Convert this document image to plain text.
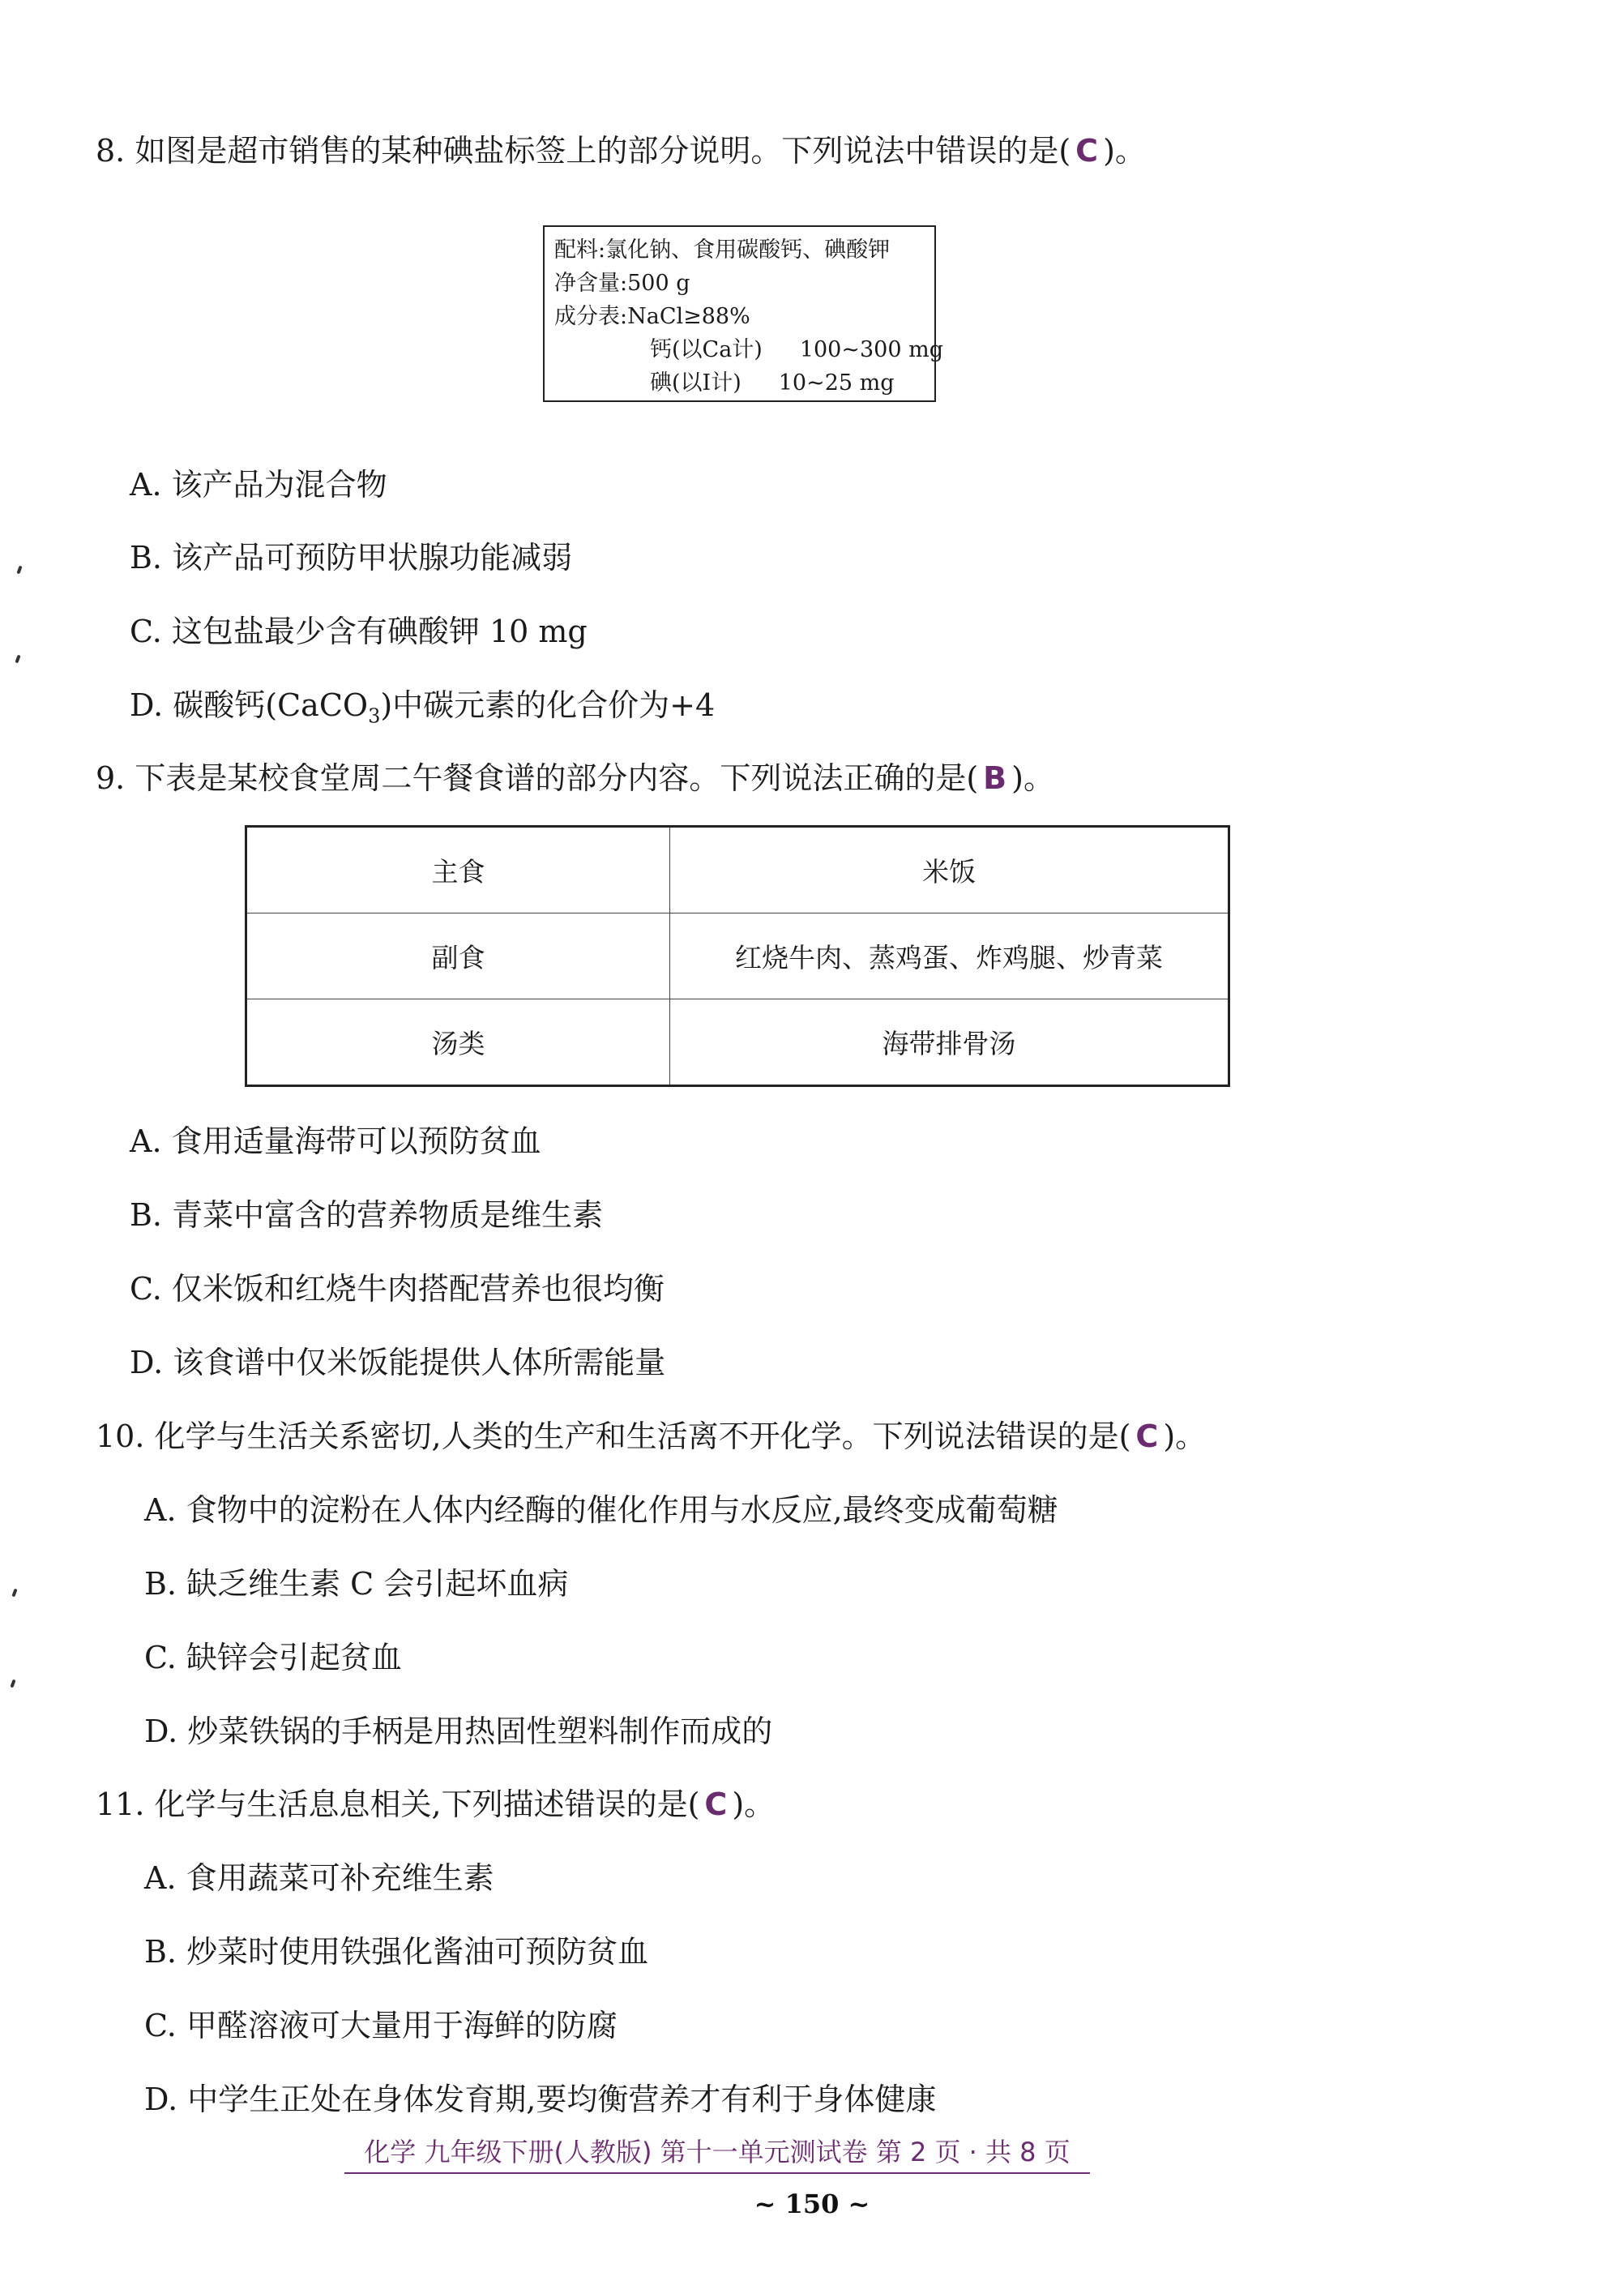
8. 如图是超市销售的某种碘盐标签上的部分说明。下列说法中错误的是( C )。
配料:氯化钠、食用碳酸钙、碘酸钾
净含量:500 g
成分表:NaCl≥88%
钙(以Ca计) 100~300 mg
碘(以I计) 10~25 mg
A. 该产品为混合物
B. 该产品可预防甲状腺功能减弱
C. 这包盐最少含有碘酸钾 10 mg
D. 碳酸钙(CaCO$_3$)中碳元素的化合价为+4
9. 下表是某校食堂周二午餐食谱的部分内容。下列说法正确的是( B )。
主食	米饭
副食	红烧牛肉、蒸鸡蛋、炸鸡腿、炒青菜
汤类	海带排骨汤
A. 食用适量海带可以预防贫血
B. 青菜中富含的营养物质是维生素
C. 仅米饭和红烧牛肉搭配营养也很均衡
D. 该食谱中仅米饭能提供人体所需能量
10. 化学与生活关系密切,人类的生产和生活离不开化学。下列说法错误的是( C )。
A. 食物中的淀粉在人体内经酶的催化作用与水反应,最终变成葡萄糖
B. 缺乏维生素 C 会引起坏血病
C. 缺锌会引起贫血
D. 炒菜铁锅的手柄是用热固性塑料制作而成的
11. 化学与生活息息相关,下列描述错误的是( C )。
A. 食用蔬菜可补充维生素
B. 炒菜时使用铁强化酱油可预防贫血
C. 甲醛溶液可大量用于海鲜的防腐
D. 中学生正处在身体发育期,要均衡营养才有利于身体健康
化学 九年级下册(人教版) 第十一单元测试卷 第 2 页 · 共 8 页
~ 150 ~
